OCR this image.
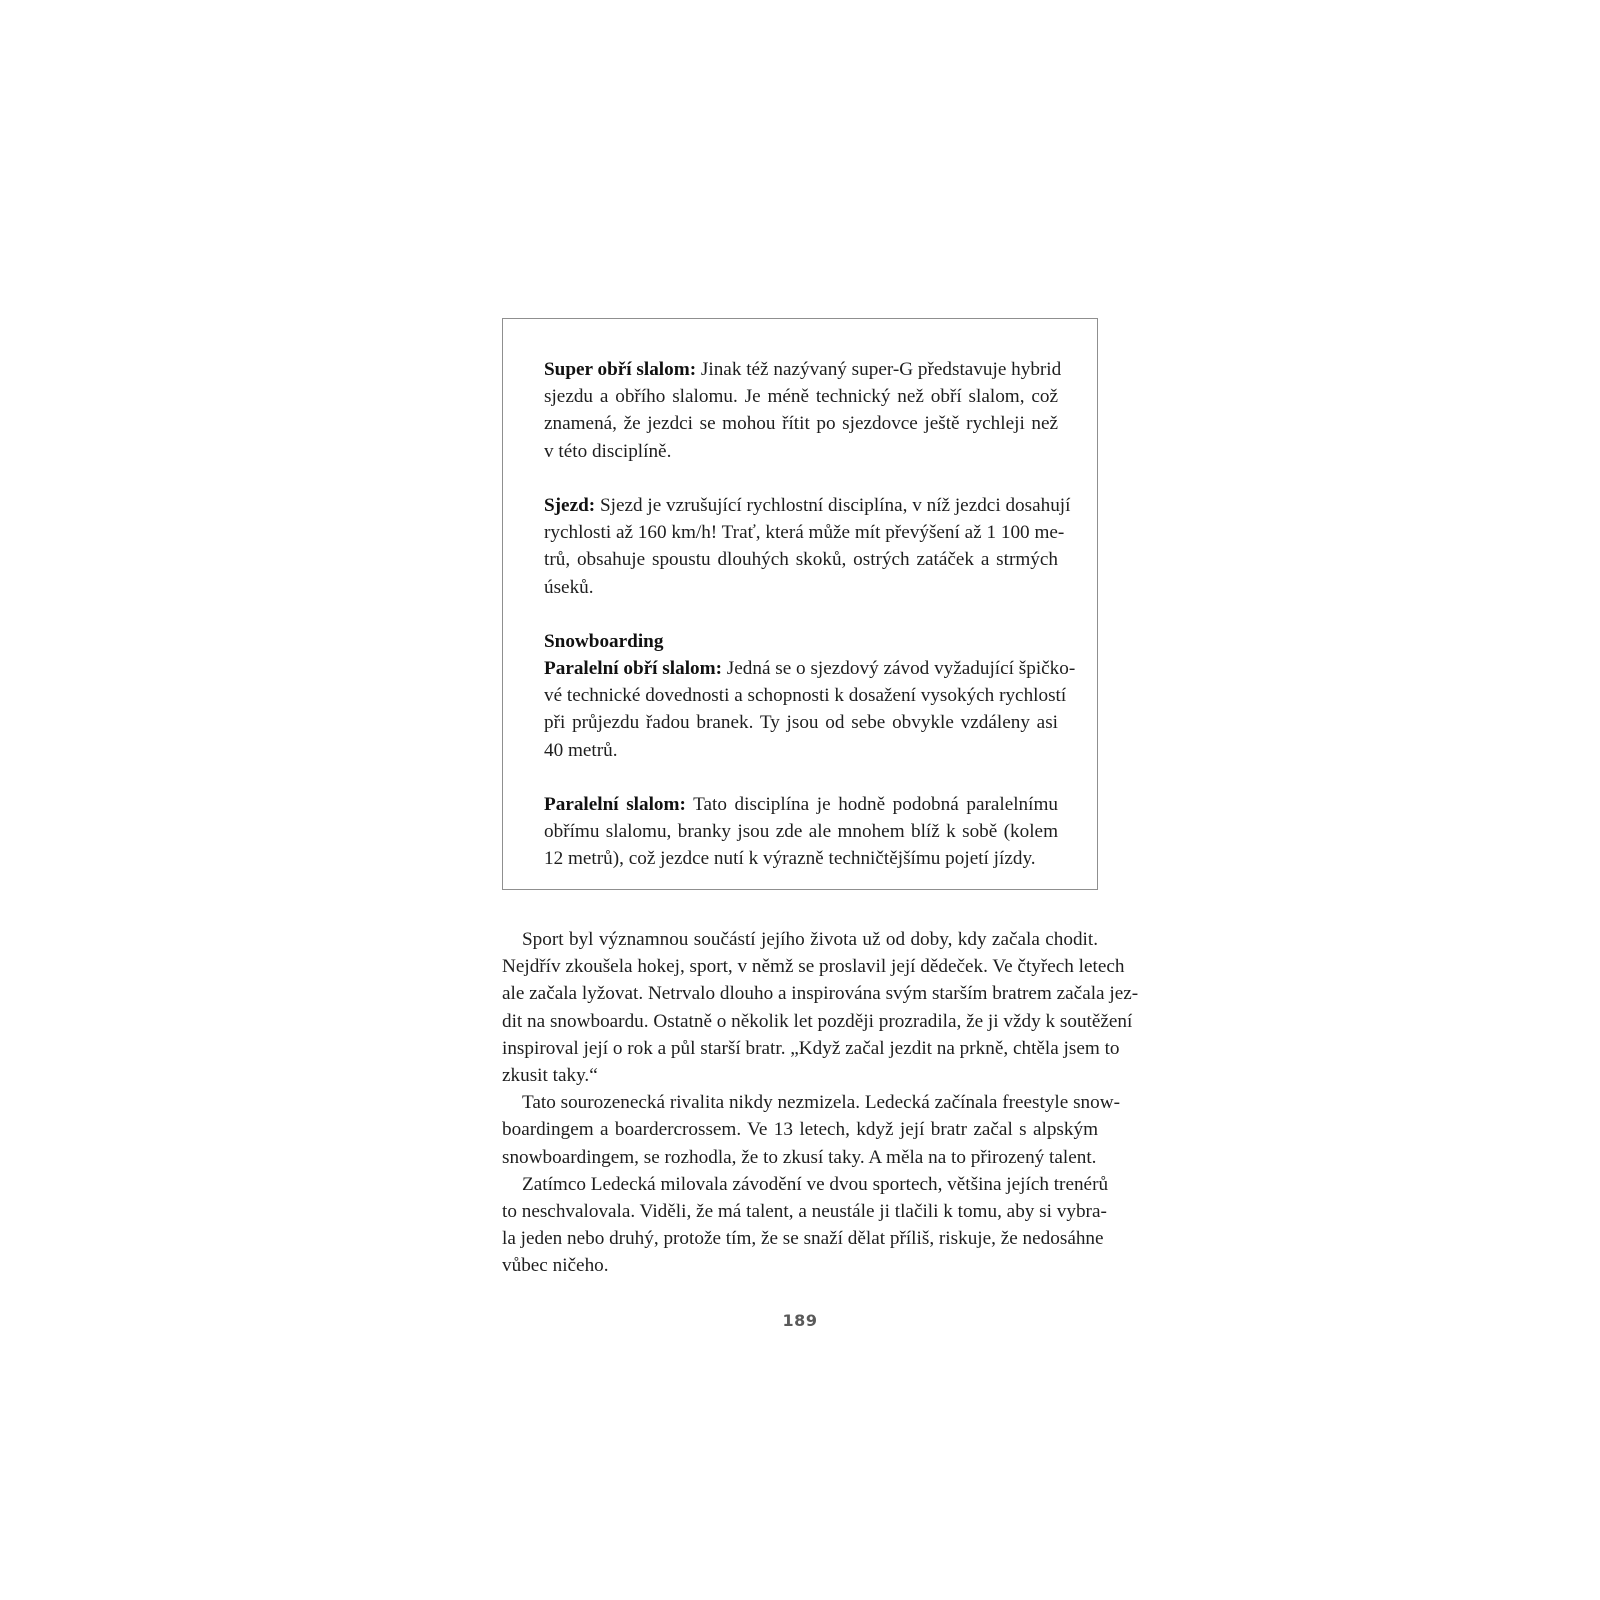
Super obří slalom: Jinak též nazývaný super-G představuje hybrid
sjezdu a obřího slalomu. Je méně technický než obří slalom, což
znamená, že jezdci se mohou řítit po sjezdovce ještě rychleji než
v této disciplíně.
Sjezd: Sjezd je vzrušující rychlostní disciplína, v níž jezdci dosahují
rychlosti až 160 km/h! Trať, která může mít převýšení až 1 100 me-
trů, obsahuje spoustu dlouhých skoků, ostrých zatáček a strmých
úseků.
Snowboarding
Paralelní obří slalom: Jedná se o sjezdový závod vyžadující špičko-
vé technické dovednosti a schopnosti k dosažení vysokých rychlostí
při průjezdu řadou branek. Ty jsou od sebe obvykle vzdáleny asi
40 metrů.
Paralelní slalom: Tato disciplína je hodně podobná paralelnímu
obřímu slalomu, branky jsou zde ale mnohem blíž k sobě (kolem
12 metrů), což jezdce nutí k výrazně techničtějšímu pojetí jízdy.
Sport byl významnou součástí jejího života už od doby, kdy začala chodit.
Nejdřív zkoušela hokej, sport, v němž se proslavil její dědeček. Ve čtyřech letech
ale začala lyžovat. Netrvalo dlouho a inspirována svým starším bratrem začala jez-
dit na snowboardu. Ostatně o několik let později prozradila, že ji vždy k soutěžení
inspiroval její o rok a půl starší bratr. „Když začal jezdit na prkně, chtěla jsem to
zkusit taky.“
Tato sourozenecká rivalita nikdy nezmizela. Ledecká začínala freestyle snow-
boardingem a boardercrossem. Ve 13 letech, když její bratr začal s alpským
snowboardingem, se rozhodla, že to zkusí taky. A měla na to přirozený talent.
Zatímco Ledecká milovala závodění ve dvou sportech, většina jejích trenérů
to neschvalovala. Viděli, že má talent, a neustále ji tlačili k tomu, aby si vybra-
la jeden nebo druhý, protože tím, že se snaží dělat příliš, riskuje, že nedosáhne
vůbec ničeho.
189
